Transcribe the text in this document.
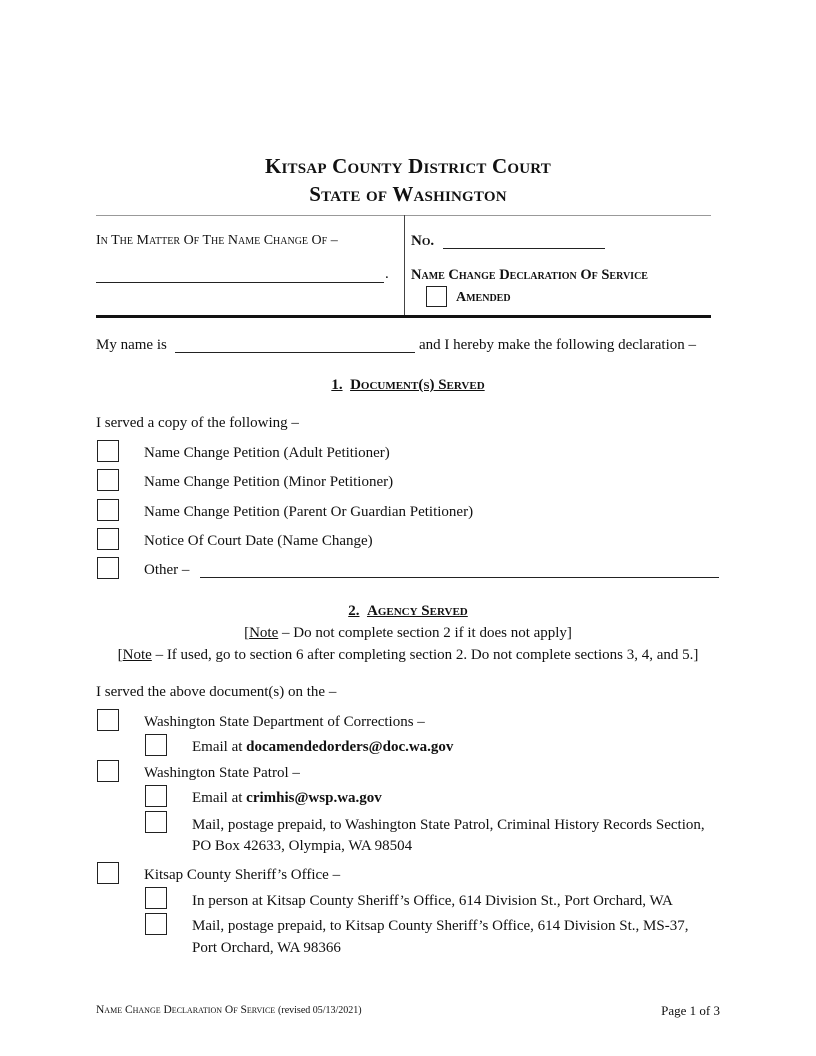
Kitsap County District Court
State of Washington
In The Matter Of The Name Change Of –
.
No.
Name Change Declaration Of Service
Amended
My name is	and I hereby make the following declaration –
1. Document(s) Served
I served a copy of the following –
Name Change Petition (Adult Petitioner)
Name Change Petition (Minor Petitioner)
Name Change Petition (Parent Or Guardian Petitioner)
Notice Of Court Date (Name Change)
Other –
2. Agency Served
[Note – Do not complete section 2 if it does not apply]
[Note – If used, go to section 6 after completing section 2. Do not complete sections 3, 4, and 5.]
I served the above document(s) on the –
Washington State Department of Corrections –
Email at docamendedorders@doc.wa.gov
Washington State Patrol –
Email at crimhis@wsp.wa.gov
Mail, postage prepaid, to Washington State Patrol, Criminal History Records Section,
PO Box 42633, Olympia, WA 98504
Kitsap County Sheriff’s Office –
In person at Kitsap County Sheriff’s Office, 614 Division St., Port Orchard, WA
Mail, postage prepaid, to Kitsap County Sheriff’s Office, 614 Division St., MS-37,
Port Orchard, WA 98366
Name Change Declaration Of Service (revised 05/13/2021)	Page 1 of 3
